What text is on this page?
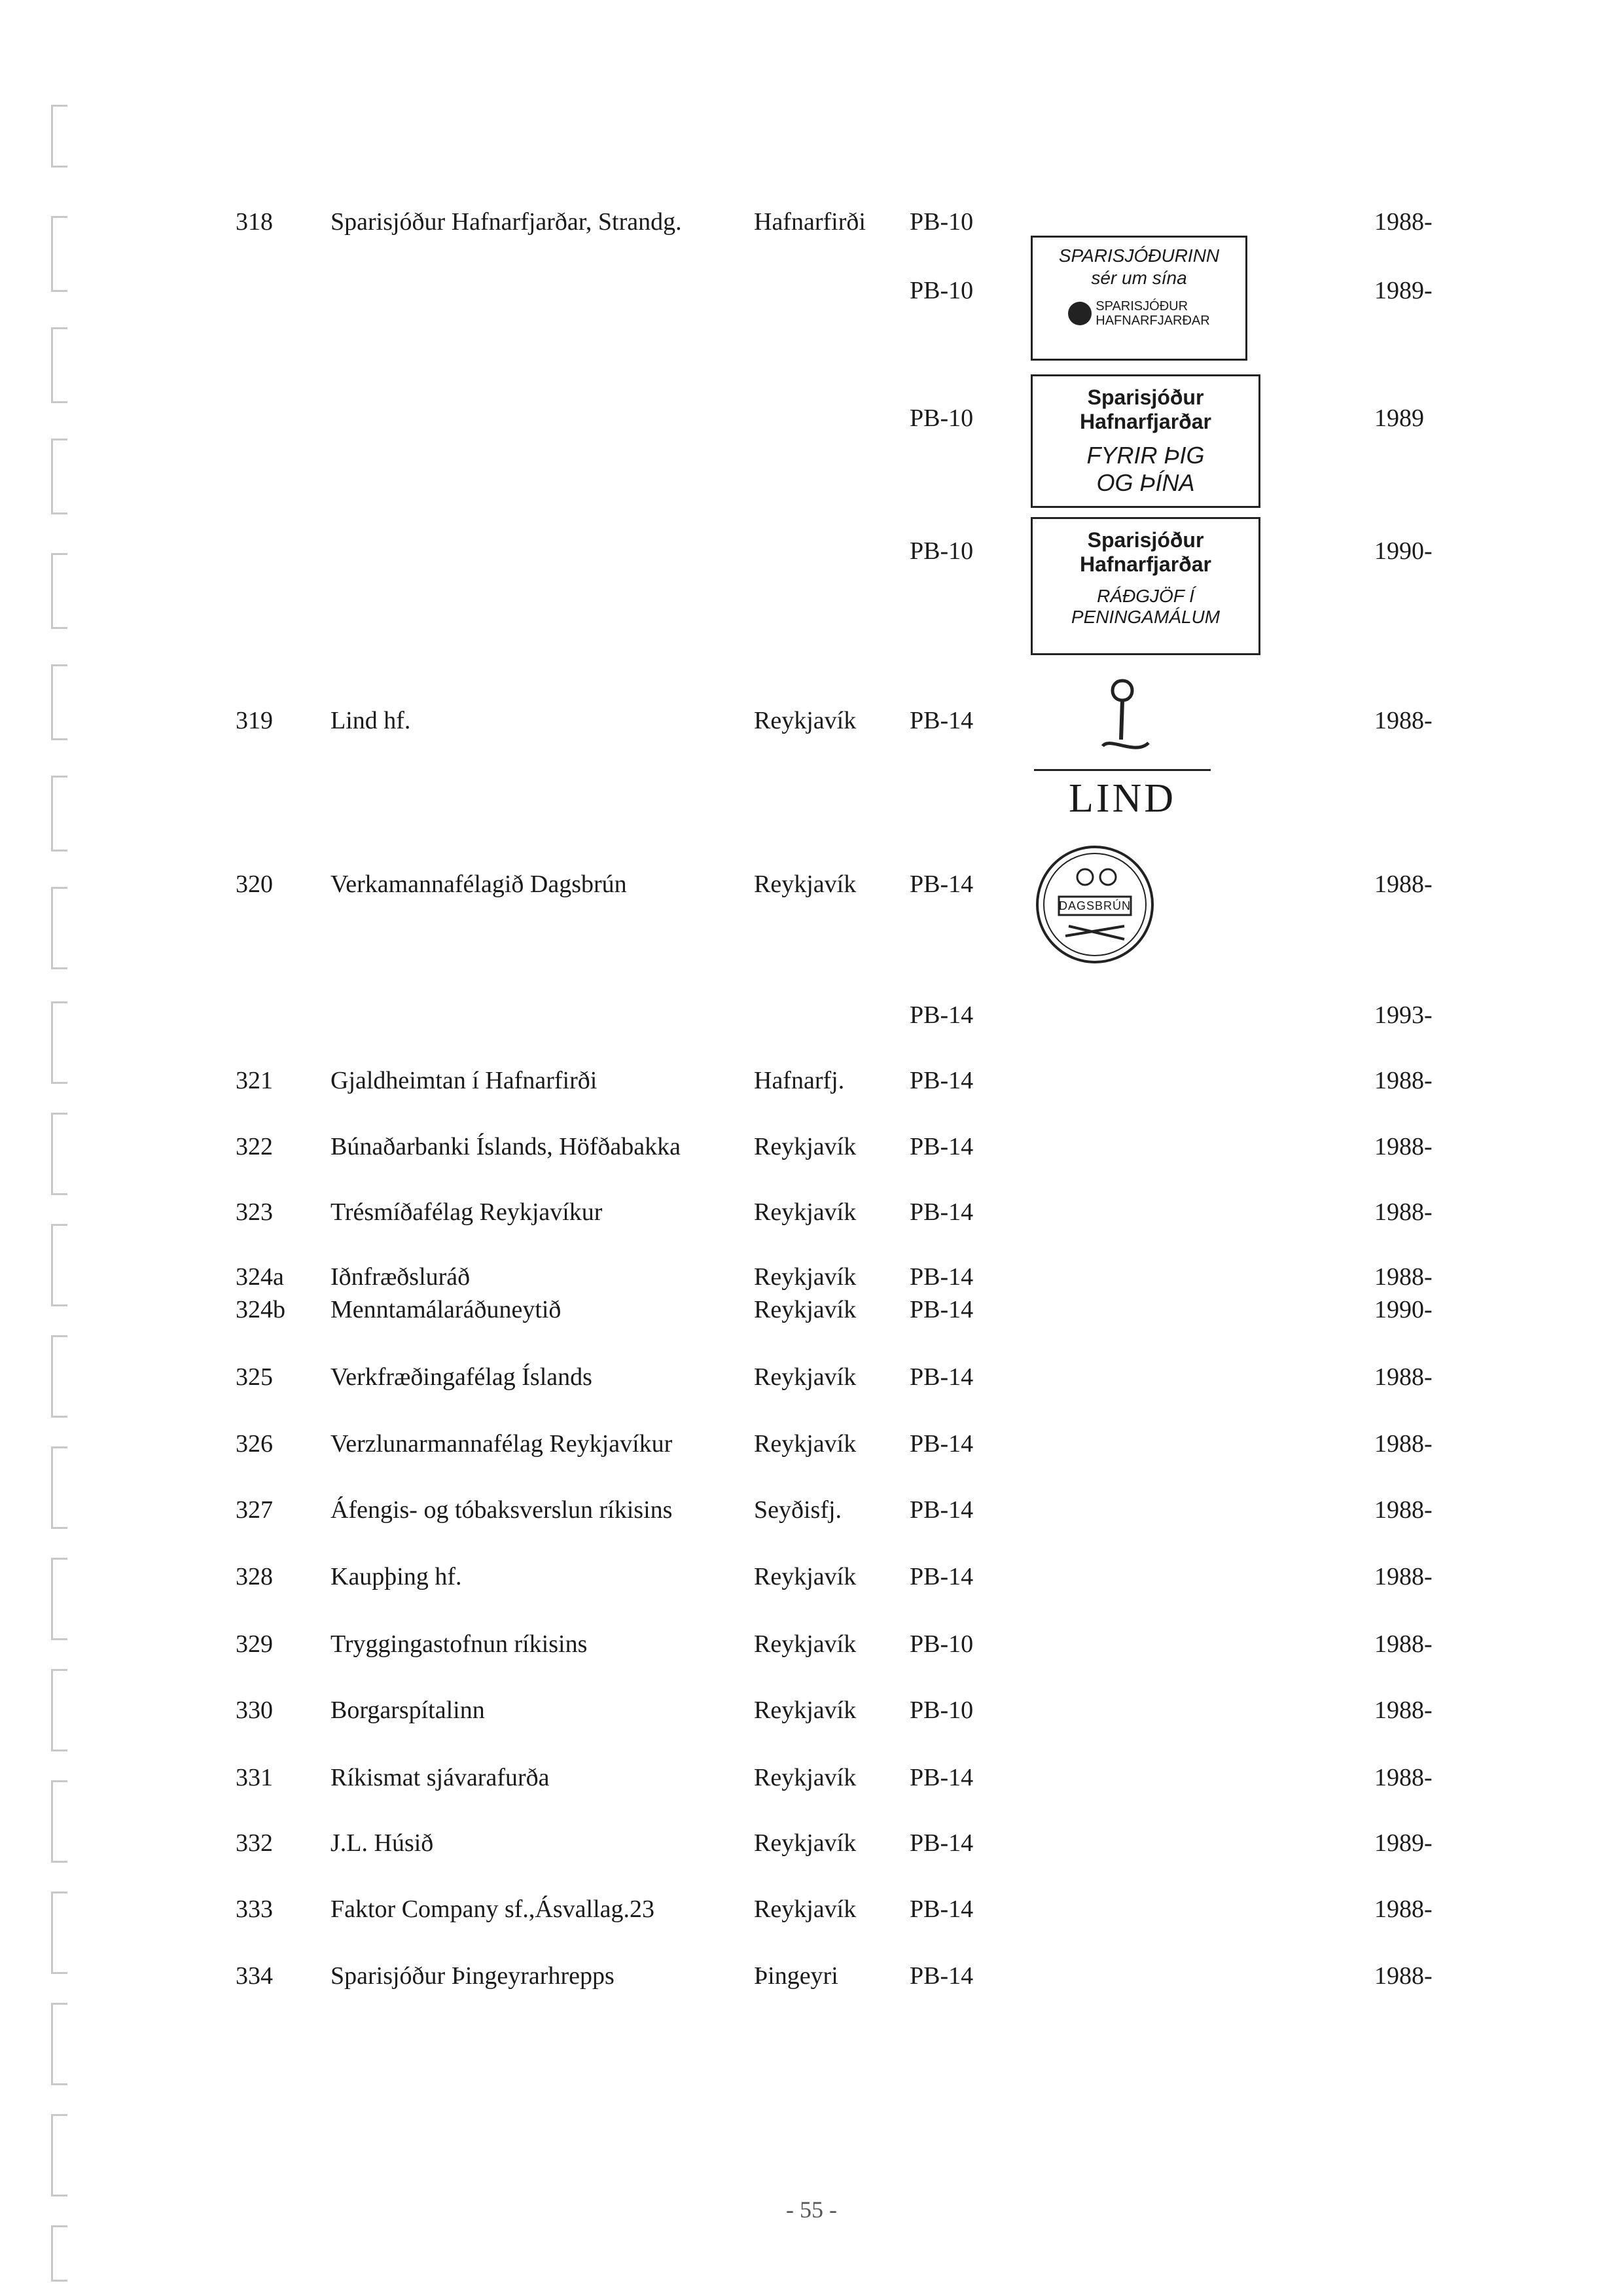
318 Sparisjóður Hafnarfjarðar, Strandg.	Hafnarfirði PB-10	1988-
PB-10	1989-
PB-10	1989
PB-10	1990-
SPARISJÓÐURINN
sér um sína
SPARISJÓÐUR
HAFNARFJARÐAR
Sparisjóður
Hafnarfjarðar
FYRIR ÞIG
OG ÞÍNA
Sparisjóður
Hafnarfjarðar
RÁÐGJÖF Í
PENINGAMÁLUM
319 Lind hf.	Reykjavík PB-14	1988-
LIND
320 Verkamannafélagið Dagsbrún	Reykjavík PB-14	1988-
DAGSBRÚN
PB-14	1993-
321 Gjaldheimtan í Hafnarfirði	Hafnarfj.	PB-14	1988-
322 Búnaðarbanki Íslands, Höfðabakka	Reykjavík PB-14	1988-
323 Trésmíðafélag Reykjavíkur	Reykjavík PB-14	1988-
324a Iðnfræðsluráð	Reykjavík PB-14	1988-
324b Menntamálaráðuneytið	Reykjavík PB-14	1990-
325 Verkfræðingafélag Íslands	Reykjavík PB-14	1988-
326 Verzlunarmannafélag Reykjavíkur	Reykjavík PB-14	1988-
327 Áfengis- og tóbaksverslun ríkisins	Seyðisfj.	PB-14	1988-
328 Kaupþing hf.	Reykjavík PB-14	1988-
329 Tryggingastofnun ríkisins	Reykjavík PB-10	1988-
330 Borgarspítalinn	Reykjavík PB-10	1988-
331 Ríkismat sjávarafurða	Reykjavík PB-14	1988-
332 J.L. Húsið	Reykjavík PB-14	1989-
333 Faktor Company sf.,Ásvallag.23	Reykjavík PB-14	1988-
334 Sparisjóður Þingeyrarhrepps	Þingeyri	PB-14	1988-
- 55 -
